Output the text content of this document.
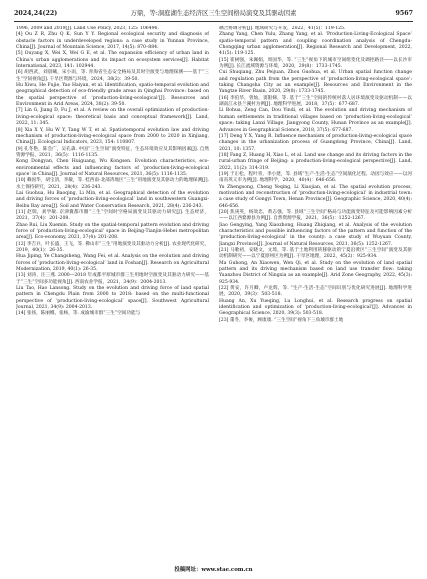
2024,24(22)	万鼎，等:洞庭湖生态经济区三生空间格局演变及其驱动因素	9567

1996, 2009 and 2019[J]. Land Use Policy, 2023, 125: 106496.

[4] Ou Z R, Zhu Q K, Sun Y Y. Regional ecological security and diagnosis of obstacle factors in underdeveloped regions: a case study in Yunnan Province, China[J]. Journal of Mountain Science, 2017, 14(5): 870–884.

[5] Ouyang X, Wei X, Wei G E, et al. The expansion efficiency of urban land in China's urban agglomerations and its impact on ecosystem services[J]. Habitat International, 2023, 141: 102944.

[6] 胡西武，刘晨曦，宋小雨，等. 青海省生态安全格局及其时空演变与地理探测——基于“三生”空间视角[J]. 干旱区资源与环境，2024，38(2)：39-50.

Hu Xiwu, He Fujie, Yao Haiyan, et al. Identification, spatio-temporal evolution and geographical detection of eco-friendly grade areas in Qinghai Province: based on the spatial perspective of ‘production-living-ecological’[J]. Resources and Environment in Arid Areas, 2024, 38(2): 39-50.

[7] Lin G, Jiang D, Fu J, et al. A review on the overall optimization of production-living-ecological space: theoretical basis and conceptual framework[J]. Land, 2022, 11: 345.

[8] Xia X Y, Hu W Y, Tang W T, et al. Spatiotemporal evolution law and driving mechanism of production-living-ecological space from 2000 to 2020 in Xinjiang, China[J]. Ecological Indicators, 2023, 154: 110807.

[9] 孔冬艳，陈会广，吴孔森. 中国“三生空间”演变特征、生态环境效应及其影响因素[J]. 自然资源学报，2021，36(5)：1116-1135.

Kong Dongyan, Chen Huiguang, Wu Kongsen. Evolution characteristics, eco-environmental effects and influencing factors of ‘production-living-ecological space’ in China[J]. Journal of Natural Resources, 2021, 36(5): 1116-1135.

[10] 赖国华，胡宝清，李敏，等. 桂西南-北部湾地区“三生”用地演变及其驱动力的地理探测[J]. 水土保持研究，2021，28(4)：236-243.

Lai Guohua, Hu Baoqing, Li Min, et al. Geographical detection of the evolution and driving forces of ‘production-living-ecological’ land in southwestern Guangxi-Beibu Bay area[J]. Soil and Water Conservation Research, 2021, 28(4): 236-243.

[11] 赵瑞，刘学敏. 京津冀都市圈“三生”空间时空格局演变及其驱动力研究[J]. 生态经济，2021，37(4)：201-208.

Zhao Rui, Liu Xuemin. Study on the spatial-temporal pattern evolution and driving force of ‘production-living-ecological’ space in Beijing-Tianjin-Hebei metropolitan area[J]. Eco-economy, 2021, 37(4): 201-208.

[12] 李吉兵，叶长盛，王飞，等. 佛山市“三生”用地演变及其驱动力分析[J]. 农业现代化研究，2019，40(1)：26-35.

Hua Jiping, Ye Changsheng, Wang Fei, et al. Analysis on the evolution and driving forces of ‘production-living-ecological’ land in Foshan[J]. Research on Agricultural Modernization, 2019, 40(1): 26-35.

[13] 刘涛，汪三燕. 2000—2018 年成都平原城市群三生用地时空演变及其驱动力研究——基于“三生”空间多功能视角[J]. 西南农业学报，2021，34(9)：2004-2013.

Liu Tao, Hao Lansong. Study on the evolution and driving force of land spatial pattern in Chengdu Plain from 2000 to 2018: based on the multi-functional perspective of ‘production-living-ecological’ space[J]. Southwest Agricultural Journal, 2021, 34(9): 2004-2013.

[14] 张扬，陈丽娜，张杨，等. 成渝城市群“三生”空间功能与

耦合协调分析[J]. 地域研究与开发，2022，41(5)：119-125.

Zhang Yang, Chen Yulu, Zhang Yang, et al. ‘Production-Living-Ecological Space’ spatio-temporal pattern and coupling coordination analysis of Chengdu-Chongqing urban agglomeration[J]. Regional Research and Development, 2022, 41(5): 119-125.

[15] 崔树强，朱佩娟，周国华，等. “三生”视角下的城市空间组变化及调控路径——以长沙市为例[J]. 长江流域资源与环境，2020，29(8)：1733-1745.

Cui Shuqiang, Zhu Peijuan, Zhou Guohua, et al. Urban spatial function change and regulation path from the perspective of ‘production-living-ecological space’: taking Changsha City as an example[J]. Resources and Environment in the Yangtze River Basin, 2020, 29(8): 1733-1745.

[16] 李伯华，曾灿，窦银娣，等. 基于“三生”空间的传统村落人居环境演变及驱动机制——以湖南江永县兰溪村为例[J]. 地理科学进展，2018，37(5)：677-687.

Li Bohua, Zeng Can, Dou Yindi, et al. The evolution and driving mechanism of human settlements in traditional villages based on ‘production-living-ecological’ space: taking Lanxi Village, Jiangyong County, Hunan Province as an example[J]. Advances in Geographical Science, 2018, 37(5): 677-687.

[17] Deng Y X, Yang R. Influence mechanism of production-living-ecological space changes in the urbanization process of Guangdong Province, China[J]. Land, 2021, 10: 1357.

[18] Fang Z, Huang H, Xiao L, et al. Land use change and its driving factors in the rural-urban fringe of Beijing: a production-living-ecological perspective[J]. Land, 2022, 11(2): 314-319.

[19] 于正松，程叶青，李小建，等. 县域“生产-生活-生态”空间演化过程、动因与效应——以河南省巩义市为例[J]. 地理科学，2020，40(4)：646-656.

Yu Zhengsong, Cheng Yeqing, Li Xiaojian, et al. The spatial evolution process, motivation and reconstruction of ‘production-living-ecological’ in industrial town: a case study of Gongyi Town, Henan Province[J]. Geographic Science, 2020, 40(4): 646-656.

[20] 焦庚英，杨效忠，黄志强，等. 县域“三生空间”格局与功能演变特征及可能影响因素分析——以江西婺源县为例[J]. 自然资源学报，2021，36(5)：1252-1267.

Jiao Gengying, Yang Xiaozhong, Huang Zhiqiang, et al. Analysis of the evolution characteristics and possible influencing factors of the pattern and function of the ‘production-living-ecological’ in the county: a case study of Wuyuan County, Jiangxi Province[J]. Journal of Natural Resources, 2021, 36(5): 1252-1267.

[21] 马歌初，安晓文，文琦，等. 基于土地利用转移驱动的宁夏沿黄区“三生空间”演变及其驱动机制研究——以宁夏原州区为例[J]. 干旱区地理，2022，45(2)：925-934.

Ma Guhong, An Xiaowen, Wen Qi, et al. Study on the evolution of land spatial pattern and its driving mechanism based on land use transfer flow: taking Yuanzhou District of Ningxia as an example[J]. Arid Zone Geography, 2022, 45(3): 925-934.

[22] 黄安，许月卿，卢龙辉，等. “生产-生活-生态”空间识别与优化研究进展[J]. 地理科学进展，2020，39(3)：503-518.

Huang An, Xu Yueqing, Lu Longhui, et al. Research progress on spatial identification and optimization of ‘production-living-ecological’[J]. Advances in Geographical Science, 2020, 39(3): 503-518.

[23] 董冬，李俊，顾康康. “三生空间”视角下三角城市群土地

投稿网址：www.stae.com.cn
